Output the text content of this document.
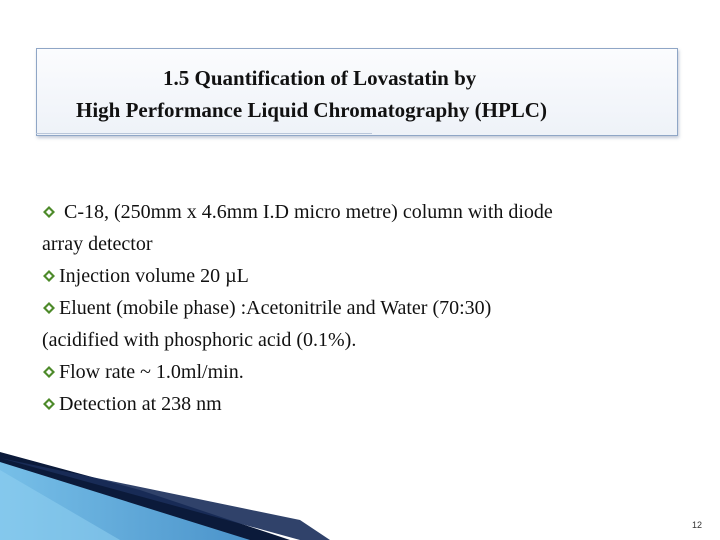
1.5 Quantification of Lovastatin by
High Performance Liquid Chromatography (HPLC)

C-18, (250mm x 4.6mm I.D micro metre) column with diode
array detector

Injection volume 20 µL

Eluent (mobile phase) :Acetonitrile and Water (70:30)
(acidified with phosphoric acid (0.1%).

Flow rate ~ 1.0ml/min.

Detection at 238 nm

12
